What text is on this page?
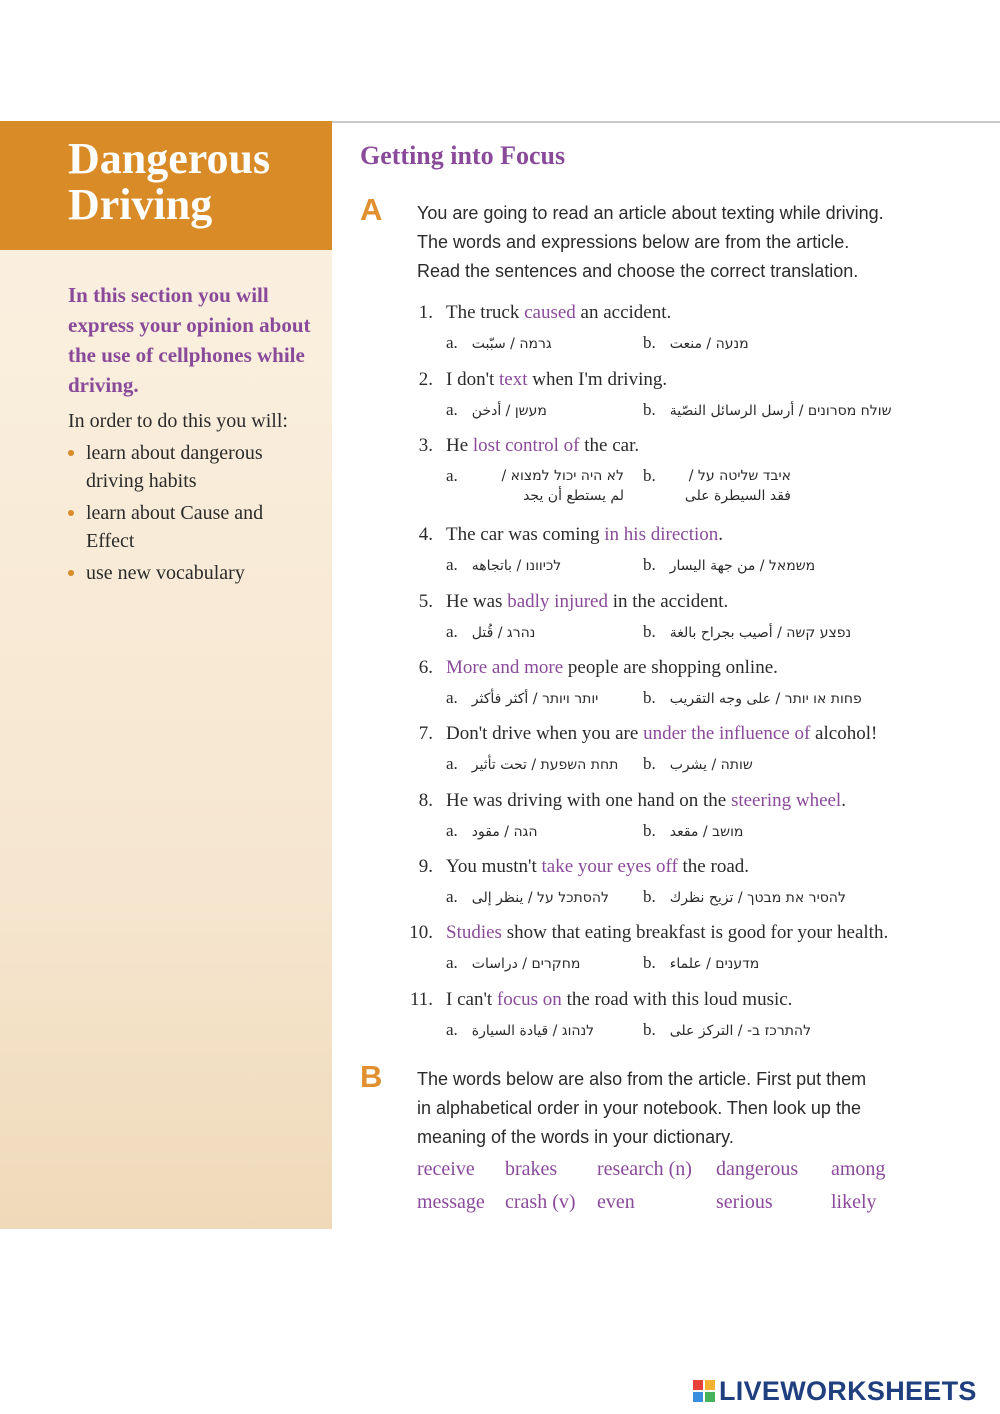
Dangerous

Driving

In this section you will
express your opinion about
the use of cellphones while
driving.
In order to do this you will:
learn about dangerous
driving habits
learn about Cause and
Effect
use new vocabulary
Getting into Focus
A You are going to read an article about texting while driving.
The words and expressions below are from the article.
Read the sentences and choose the correct translation.
1. The truck caused an accident.
a. גרמה / سبّبت	b. מנעה / منعت
2. I don't text when I'm driving.
a. מעשן / أدخن	b. שולח מסרונים / أرسل الرسائل النصّية
3. He lost control of the car.
a.	לא היה יכול למצוא /
لم يستطع أن يجد
b.	איבד שליטה על /
فقد السيطرة على
4. The car was coming in his direction.
a. לכיוונו / باتجاهه	b. משמאל / من جهة اليسار
5. He was badly injured in the accident.
a. נהרג / قُتل	b. נפצע קשה / أصيب بجراح بالغة
6. More and more people are shopping online.
a. יותר ויותר / أكثر فأكثر	b. פחות או יותר / على وجه التقريب
7. Don't drive when you are under the influence of alcohol!
a. תחת השפעת / تحت تأثير b. שותה / يشرب
8. He was driving with one hand on the steering wheel.
a. הגה / مقود	b. מושב / مقعد
9. You mustn't take your eyes off the road.
a. להסתכל על / ينظر إلى b. להסיר את מבטך / تزيح نظرك
10. Studies show that eating breakfast is good for your health.
a. מחקרים / دراسات	b. מדענים / علماء
11. I can't focus on the road with this loud music.
a. לנהוג / قيادة السيارة	b. להתרכז ב- / التركز على
B The words below are also from the article. First put them
in alphabetical order in your notebook. Then look up the
meaning of the words in your dictionary.
receive brakes research (n) dangerous among
message crash (v) even	serious	likely
LIVEWORKSHEETS
